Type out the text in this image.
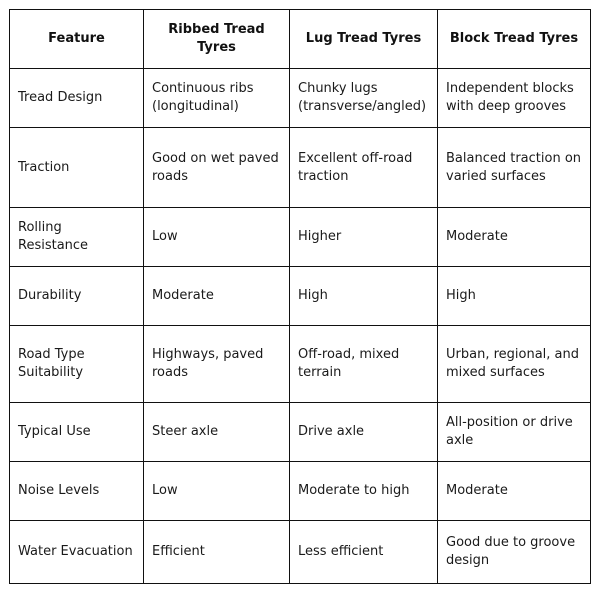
Feature	Ribbed Tread Tyres	Lug Tread Tyres	Block Tread Tyres
Tread Design	Continuous ribs (longitudinal)	Chunky lugs (transverse/angled)	Independent blocks with deep grooves
Traction	Good on wet paved roads	Excellent off-road traction	Balanced traction on varied surfaces
Rolling Resistance	Low	Higher	Moderate
Durability	Moderate	High	High
Road Type Suitability	Highways, paved roads	Off-road, mixed terrain	Urban, regional, and mixed surfaces
Typical Use	Steer axle	Drive axle	All-position or drive axle
Noise Levels	Low	Moderate to high	Moderate
Water Evacuation	Efficient	Less efficient	Good due to groove design
